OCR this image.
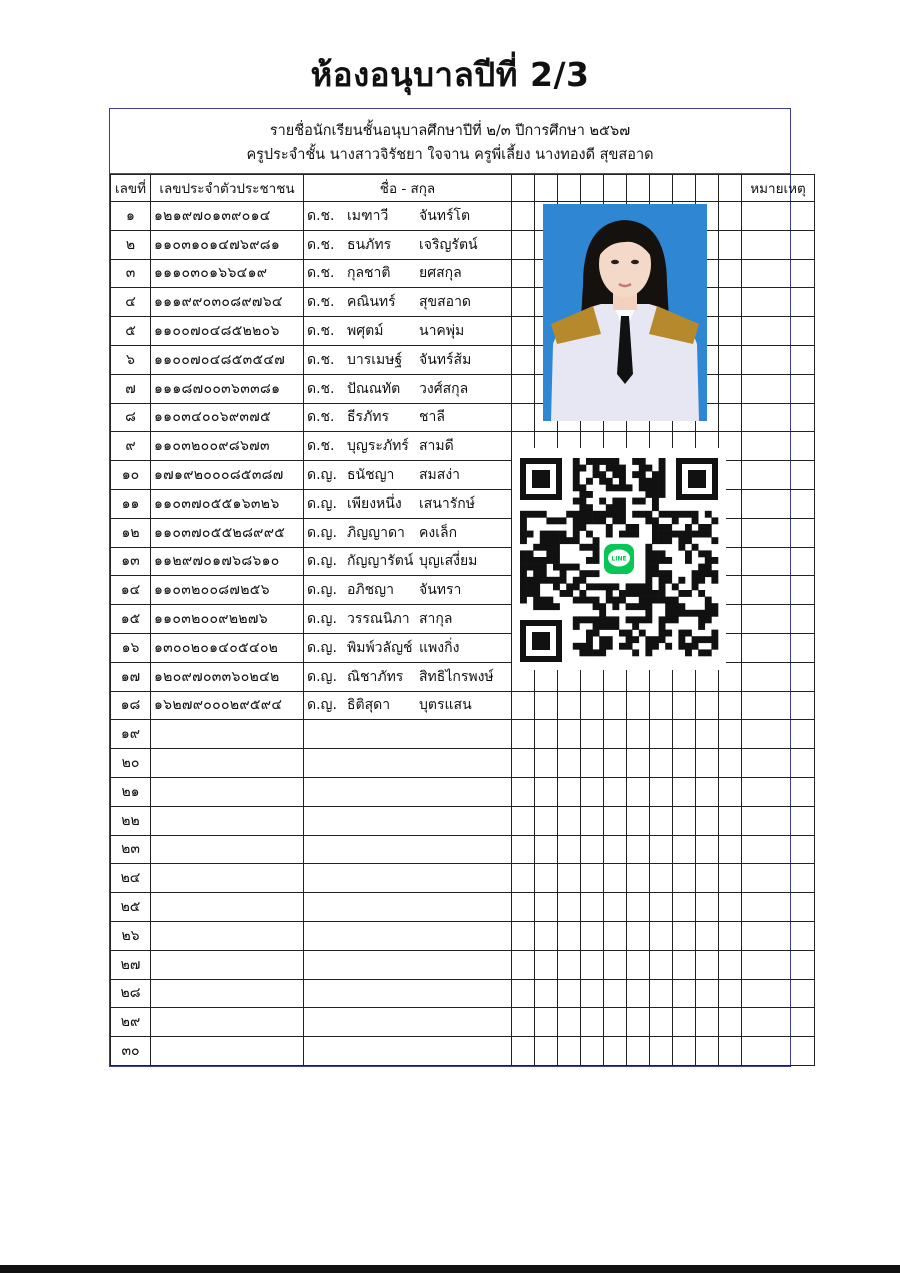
ห้องอนุบาลปีที่ 2/3
รายชื่อนักเรียนชั้นอนุบาลศึกษาปีที่ ๒/๓ ปีการศึกษา ๒๕๖๗
ครูประจำชั้น นางสาวจิรัชยา ใจจาน ครูพี่เลี้ยง นางทองดี สุขสอาด
เลขที่	เลขประจำตัวประชาชน	ชื่อ - สกุล											หมายเหตุ
๑	๑๒๑๙๗๐๑๓๙๐๑๔	ด.ช. เมฑาวี จันทร์โต											
๒	๑๑๐๓๑๐๑๔๗๖๙๘๑	ด.ช. ธนภัทร เจริญรัตน์											
๓	๑๑๑๐๓๐๑๖๖๔๑๙	ด.ช. กุลชาติ ยศสกุล											
๔	๑๑๑๙๙๐๓๐๘๙๗๖๔	ด.ช. คณินทร์ สุขสอาด											
๕	๑๑๐๐๗๐๔๘๕๒๒๐๖	ด.ช. พศุตม์ นาคพุ่ม											
๖	๑๑๐๐๗๐๔๘๕๓๕๔๗	ด.ช. บารเมษฐ์ จันทร์ส้ม											
๗	๑๑๑๘๗๐๐๓๖๓๓๘๑	ด.ช. ปัณณทัต วงศ์สกุล											
๘	๑๑๐๓๔๐๐๖๙๓๗๕	ด.ช. ธีรภัทร ชาลี											
๙	๑๑๐๓๒๐๐๙๘๖๗๓	ด.ช. บุญระภัทร์ สามดี											
๑๐	๑๗๑๙๒๐๐๐๘๕๓๘๗	ด.ญ. ธนัชญา สมสง่า											
๑๑	๑๑๐๓๗๐๕๕๑๖๓๒๖	ด.ญ. เพียงหนึ่ง เสนารักษ์											
๑๒	๑๑๐๓๗๐๕๕๒๘๙๙๕	ด.ญ. ภิญญาดา คงเล็ก											
๑๓	๑๑๒๙๗๐๑๗๖๘๖๑๐	ด.ญ. กัญญารัตน์ บุญเสงี่ยม											
๑๔	๑๑๐๓๒๐๐๘๗๒๕๖	ด.ญ. อภิชญา จันทรา											
๑๕	๑๑๐๓๒๐๐๙๒๒๗๖	ด.ญ. วรรณนิภา สากุล											
๑๖	๑๓๐๐๒๐๑๔๐๕๔๐๒	ด.ญ. พิมพ์วลัญช์ แพงกิ่ง											
๑๗	๑๒๐๙๗๐๓๓๖๐๒๔๒	ด.ญ. ณิชาภัทร สิทธิไกรพงษ์											
๑๘	๑๖๒๗๙๐๐๐๒๙๕๙๔	ด.ญ. ธิติสุดา บุตรแสน											
๑๙													
๒๐													
๒๑													
๒๒													
๒๓													
๒๔													
๒๕													
๒๖													
๒๗													
๒๘													
๒๙													
๓๐													
LINE
